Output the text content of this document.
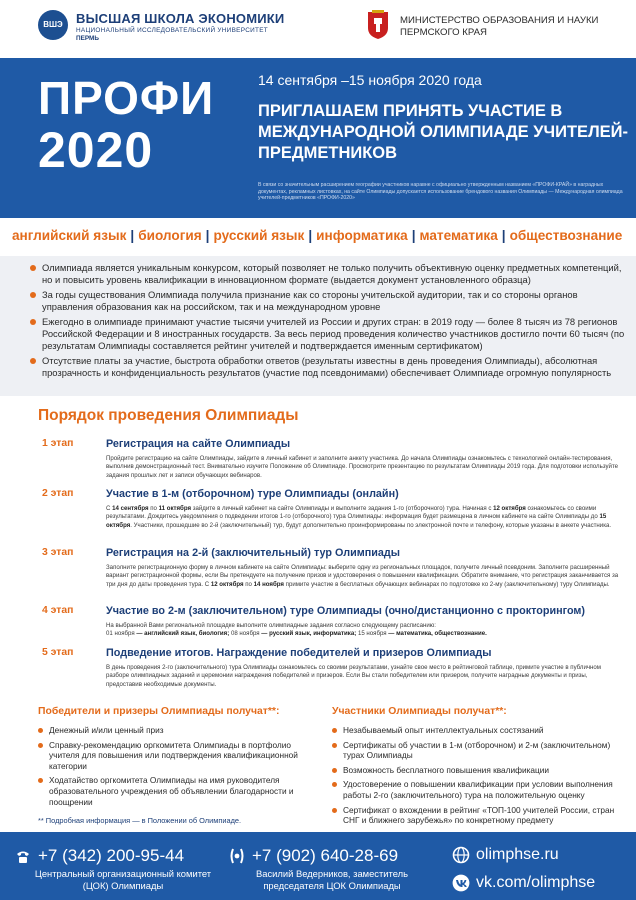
ВШЭ	ВЫСШАЯ ШКОЛА ЭКОНОМИКИ
НАЦИОНАЛЬНЫЙ ИССЛЕДОВАТЕЛЬСКИЙ УНИВЕРСИТЕТ
ПЕРМЬ
МИНИСТЕРСТВО ОБРАЗОВАНИЯ И НАУКИ ПЕРМСКОГО КРАЯ
ПРОФИ
2020
14 сентября –15 ноября 2020 года
ПРИГЛАШАЕМ ПРИНЯТЬ УЧАСТИЕ В МЕЖДУНАРОДНОЙ ОЛИМПИАДЕ УЧИТЕЛЕЙ-ПРЕДМЕТНИКОВ
В связи со значительным расширением географии участников наравне с официально утвержденным названием «ПРОФИ-КРАЙ» в наградных документах, рекламных листовках, на сайте Олимпиады допускается использование брендового названия Олимпиады — Международная олимпиада учителей-предметников «ПРОФИ-2020»
английский язык | биология | русский язык | информатика | математика | обществознание
Олимпиада является уникальным конкурсом, который позволяет не только получить объективную оценку предметных компетенций, но и повысить уровень квалификации в инновационном формате (выдается документ установленного образца)
За годы существования Олимпиада получила признание как со стороны учительской аудитории, так и со стороны органов управления образования как на российском, так и на международном уровне
Ежегодно в олимпиаде принимают участие тысячи учителей из России и других стран: в 2019 году — более 8 тысяч из 78 регионов Российской Федерации и 8 иностранных государств. За весь период проведения количество участников достигло почти 60 тысяч (по результатам Олимпиады составляется рейтинг учителей и подтверждается именным сертификатом)
Отсутствие платы за участие, быстрота обработки ответов (результаты известны в день проведения Олимпиады), абсолютная прозрачность и конфиденциальность результатов (участие под псевдонимами) обеспечивает Олимпиаде огромную популярность
Порядок проведения Олимпиады
1 этап	Регистрация на сайте Олимпиады
Пройдите регистрацию на сайте Олимпиады, зайдите в личный кабинет и заполните анкету участника. До начала Олимпиады ознакомьтесь с технологией онлайн-тестирования, выполнив демонстрационный тест. Внимательно изучите Положение об Олимпиаде. Просмотрите презентацию по результатам Олимпиады 2019 года. Для подготовки используйте задания прошлых лет и записи обучающих вебинаров.
2 этап	Участие в 1-м (отборочном) туре Олимпиады (онлайн)
С 14 сентября по 11 октября зайдите в личный кабинет на сайте Олимпиады и выполните задания 1-го (отборочного) тура. Начиная с 12 октября ознакомьтесь со своими результатами. Дождитесь уведомления о подведении итогов 1-го (отборочного) тура Олимпиады: информация будет размещена в личном кабинете на сайте Олимпиады до 15 октября. Участники, прошедшие во 2-й (заключительный) тур, будут дополнительно проинформированы по электронной почте и телефону, которые указаны в анкете участника.
3 этап	Регистрация на 2-й (заключительный) тур Олимпиады
Заполните регистрационную форму в личном кабинете на сайте Олимпиады: выберите одну из региональных площадок, получите личный псевдоним. Заполните расширенный вариант регистрационной формы, если Вы претендуете на получение призов и удостоверения о повышении квалификации. Обратите внимание, что регистрация заканчивается за три дня до даты проведения тура. С 12 октября по 14 ноября примите участие в бесплатных обучающих вебинарах по подготовке ко 2-му (заключительному) туру Олимпиады.
4 этап	Участие во 2-м (заключительном) туре Олимпиады (очно/дистанционно с прокторингом)
На выбранной Вами региональной площадке выполните олимпиадные задания согласно следующему расписанию:
01 ноября — английский язык, биология; 08 ноября — русский язык, информатика; 15 ноября — математика, обществознание.
5 этап	Подведение итогов. Награждение победителей и призеров Олимпиады
В день проведения 2-го (заключительного) тура Олимпиады ознакомьтесь со своими результатами, узнайте свое место в рейтинговой таблице, примите участие в публичном разборе олимпиадных заданий и церемонии награждения победителей и призеров. Если Вы стали победителем или призером, получите наградные документы и призы, предоставив необходимые документы.
Победители и призеры Олимпиады получат**:
Денежный и/или ценный приз
Справку-рекомендацию оргкомитета Олимпиады в портфолио учителя для повышения или подтверждения квалификационной категории
Ходатайство оргкомитета Олимпиады на имя руководителя образовательного учреждения об объявлении благодарности и поощрении
Участники Олимпиады получат**:
Незабываемый опыт интеллектуальных состязаний
Сертификаты об участии в 1-м (отборочном) и 2-м (заключительном) турах Олимпиады
Возможность бесплатного повышения квалификации
Удостоверение о повышении квалификации при условии выполнения работы 2-го (заключительного) тура на положительную оценку
Сертификат о вхождении в рейтинг «ТОП-100 учителей России, стран СНГ и ближнего зарубежья» по конкретному предмету
** Подробная информация — в Положении об Олимпиаде.
+7 (342) 200-95-44
Центральный организационный комитет (ЦОК) Олимпиады
+7 (902) 640-28-69
Василий Ведерников, заместитель председателя ЦОК Олимпиады
olimphse.ru
vk.com/olimphse
